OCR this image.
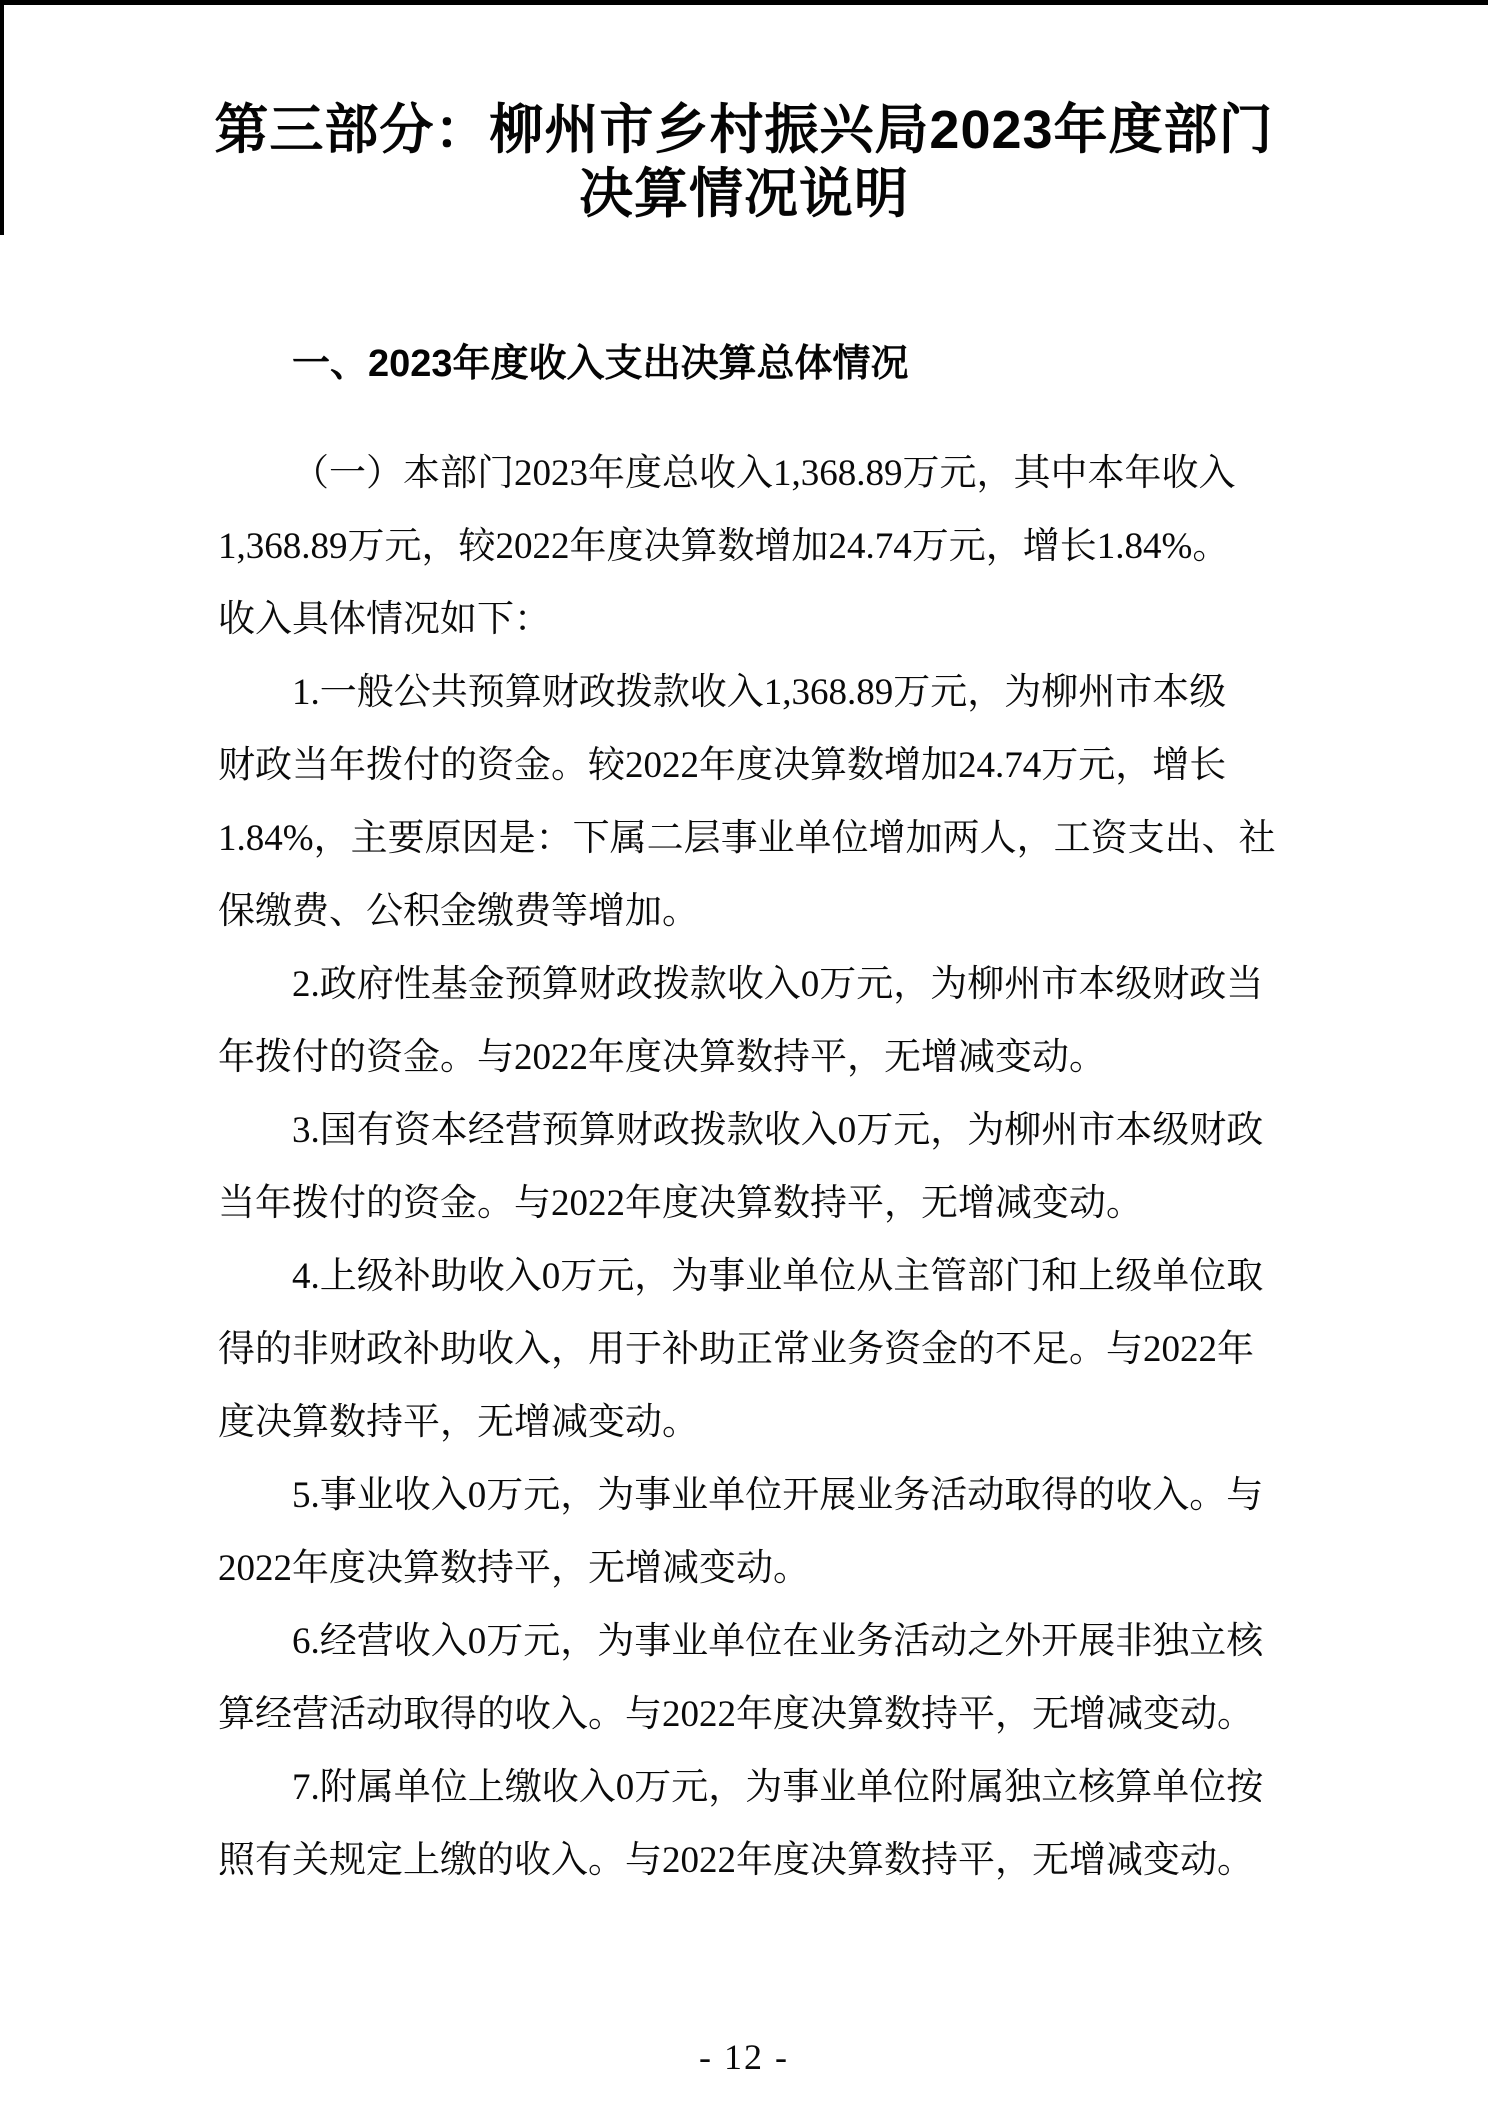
第三部分：柳州市乡村振兴局2023年度部门
决算情况说明
一、2023年度收入支出决算总体情况
（一）本部门2023年度总收入1,368.89万元，其中本年收入
1,368.89万元，较2022年度决算数增加24.74万元，增长1.84%。
收入具体情况如下：
1.一般公共预算财政拨款收入1,368.89万元，为柳州市本级
财政当年拨付的资金。较2022年度决算数增加24.74万元，增长
1.84%，主要原因是：下属二层事业单位增加两人，工资支出、社
保缴费、公积金缴费等增加。
2.政府性基金预算财政拨款收入0万元，为柳州市本级财政当
年拨付的资金。与2022年度决算数持平，无增减变动。
3.国有资本经营预算财政拨款收入0万元，为柳州市本级财政
当年拨付的资金。与2022年度决算数持平，无增减变动。
4.上级补助收入0万元，为事业单位从主管部门和上级单位取
得的非财政补助收入，用于补助正常业务资金的不足。与2022年
度决算数持平，无增减变动。
5.事业收入0万元，为事业单位开展业务活动取得的收入。与
2022年度决算数持平，无增减变动。
6.经营收入0万元，为事业单位在业务活动之外开展非独立核
算经营活动取得的收入。与2022年度决算数持平，无增减变动。
7.附属单位上缴收入0万元，为事业单位附属独立核算单位按
照有关规定上缴的收入。与2022年度决算数持平，无增减变动。
- 12 -
